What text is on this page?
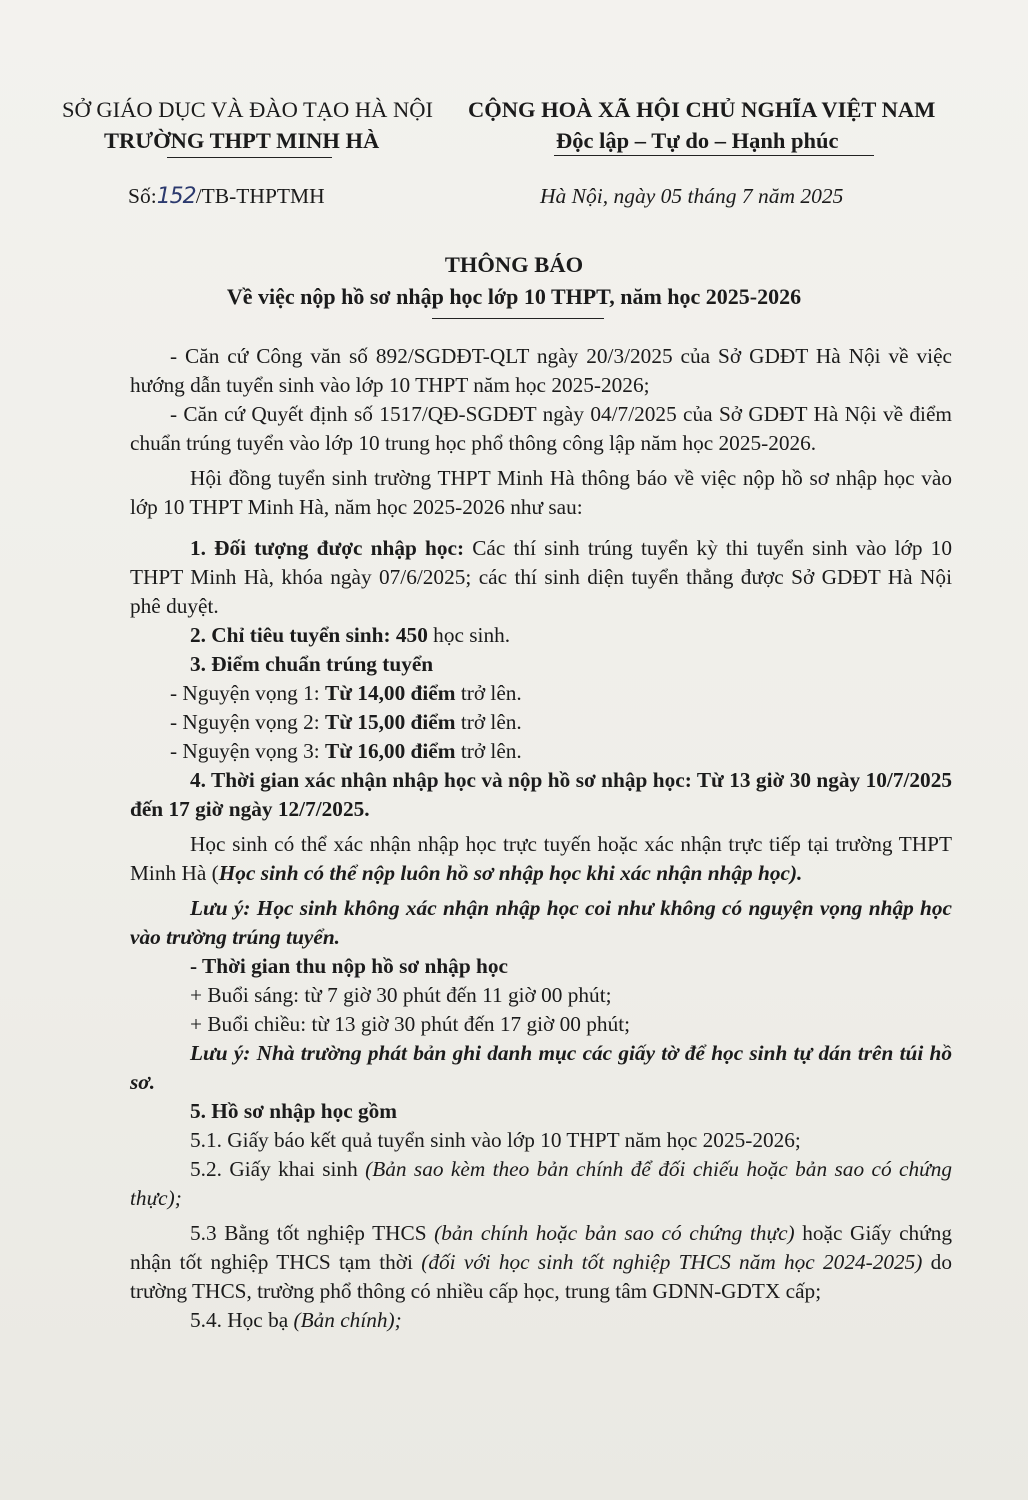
SỞ GIÁO DỤC VÀ ĐÀO TẠO HÀ NỘI
TRƯỜNG THPT MINH HÀ
CỘNG HOÀ XÃ HỘI CHỦ NGHĨA VIỆT NAM
Độc lập – Tự do – Hạnh phúc
Số:152/TB-THPTMH	Hà Nội, ngày 05 tháng 7 năm 2025
THÔNG BÁO
Về việc nộp hồ sơ nhập học lớp 10 THPT, năm học 2025-2026

- Căn cứ Công văn số 892/SGDĐT-QLT ngày 20/3/2025 của Sở GDĐT Hà Nội về việc hướng dẫn tuyển sinh vào lớp 10 THPT năm học 2025-2026;

- Căn cứ Quyết định số 1517/QĐ-SGDĐT ngày 04/7/2025 của Sở GDĐT Hà Nội về điểm chuẩn trúng tuyển vào lớp 10 trung học phổ thông công lập năm học 2025-2026.

Hội đồng tuyển sinh trường THPT Minh Hà thông báo về việc nộp hồ sơ nhập học vào lớp 10 THPT Minh Hà, năm học 2025-2026 như sau:

1. Đối tượng được nhập học: Các thí sinh trúng tuyển kỳ thi tuyển sinh vào lớp 10 THPT Minh Hà, khóa ngày 07/6/2025; các thí sinh diện tuyển thẳng được Sở GDĐT Hà Nội phê duyệt.

2. Chỉ tiêu tuyển sinh: 450 học sinh.

3. Điểm chuẩn trúng tuyển

- Nguyện vọng 1: Từ 14,00 điểm trở lên.

- Nguyện vọng 2: Từ 15,00 điểm trở lên.

- Nguyện vọng 3: Từ 16,00 điểm trở lên.

4. Thời gian xác nhận nhập học và nộp hồ sơ nhập học: Từ 13 giờ 30 ngày 10/7/2025 đến 17 giờ ngày 12/7/2025.

Học sinh có thể xác nhận nhập học trực tuyến hoặc xác nhận trực tiếp tại trường THPT Minh Hà (Học sinh có thể nộp luôn hồ sơ nhập học khi xác nhận nhập học).

Lưu ý: Học sinh không xác nhận nhập học coi như không có nguyện vọng nhập học vào trường trúng tuyển.

- Thời gian thu nộp hồ sơ nhập học

+ Buổi sáng: từ 7 giờ 30 phút đến 11 giờ 00 phút;

+ Buổi chiều: từ 13 giờ 30 phút đến 17 giờ 00 phút;

Lưu ý: Nhà trường phát bản ghi danh mục các giấy tờ để học sinh tự dán trên túi hồ sơ.

5. Hồ sơ nhập học gồm

5.1. Giấy báo kết quả tuyển sinh vào lớp 10 THPT năm học 2025-2026;

5.2. Giấy khai sinh (Bản sao kèm theo bản chính để đối chiếu hoặc bản sao có chứng thực);

5.3 Bằng tốt nghiệp THCS (bản chính hoặc bản sao có chứng thực) hoặc Giấy chứng nhận tốt nghiệp THCS tạm thời (đối với học sinh tốt nghiệp THCS năm học 2024-2025) do trường THCS, trường phổ thông có nhiều cấp học, trung tâm GDNN-GDTX cấp;

5.4. Học bạ (Bản chính);
